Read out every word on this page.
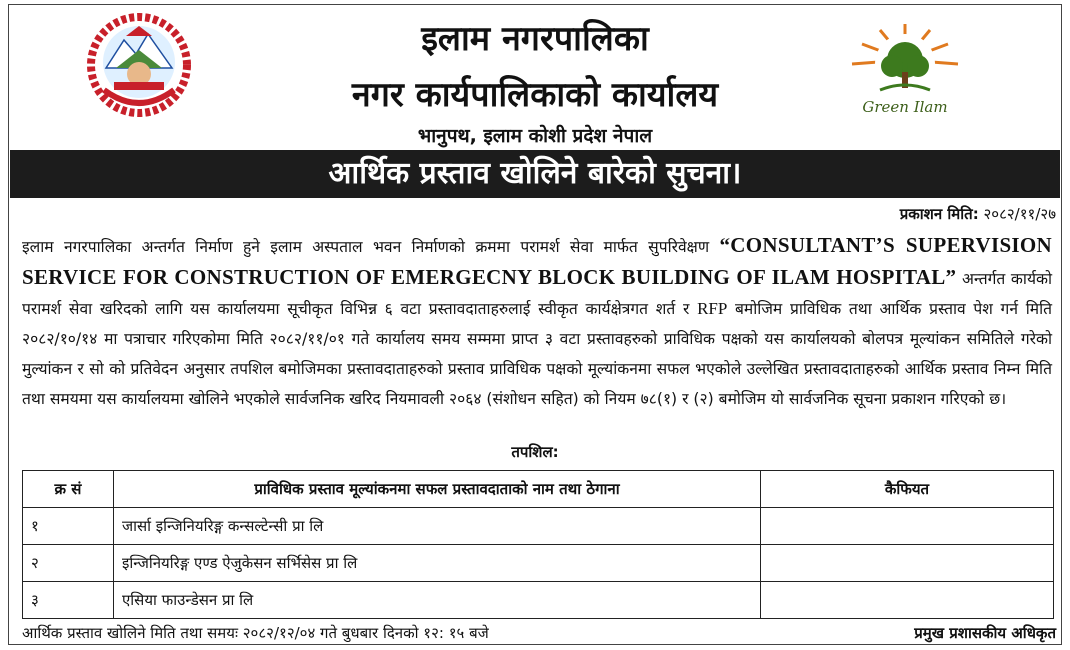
Green Ilam
इलाम नगरपालिका
नगर कार्यपालिकाको कार्यालय
भानुपथ, इलाम कोशी प्रदेश नेपाल
आर्थिक प्रस्ताव खोलिने बारेको सुचना।
प्रकाशन मिति: २०८२/११/२७
इलाम नगरपालिका अन्तर्गत निर्माण हुने इलाम अस्पताल भवन निर्माणको क्रममा परामर्श सेवा मार्फत सुपरिवेक्षण “CONSULTANT’S SUPERVISION SERVICE FOR CONSTRUCTION OF EMERGECNY BLOCK BUILDING OF ILAM HOSPITAL” अन्तर्गत कार्यको परामर्श सेवा खरिदको लागि यस कार्यालयमा सूचीकृत विभिन्न ६ वटा प्रस्तावदाताहरुलाई स्वीकृत कार्यक्षेत्रगत शर्त र RFP बमोजिम प्राविधिक तथा आर्थिक प्रस्ताव पेश गर्न मिति २०८२/१०/१४ मा पत्राचार गरिएकोमा मिति २०८२/११/०१ गते कार्यालय समय सम्ममा प्राप्त ३ वटा प्रस्तावहरुको प्राविधिक पक्षको यस कार्यालयको बोलपत्र मूल्यांकन समितिले गरेको मुल्यांकन र सो को प्रतिवेदन अनुसार तपशिल बमोजिमका प्रस्तावदाताहरुको प्रस्ताव प्राविधिक पक्षको मूल्यांकनमा सफल भएकोले उल्लेखित प्रस्तावदाताहरुको आर्थिक प्रस्ताव निम्न मिति तथा समयमा यस कार्यालयमा खोलिने भएकोले सार्वजनिक खरिद नियमावली २०६४ (संशोधन सहित) को नियम ७८(१) र (२) बमोजिम यो सार्वजनिक सूचना प्रकाशन गरिएको छ।
तपशिल:
क्र सं	प्राविधिक प्रस्ताव मूल्यांकनमा सफल प्रस्तावदाताको नाम तथा ठेगाना	कैफियत
१	जार्सा इन्जिनियरिङ्ग कन्सल्टेन्सी प्रा लि	
२	इन्जिनियरिङ्ग एण्ड ऐजुकेसन सर्भिसेस प्रा लि	
३	एसिया फाउन्डेसन प्रा लि	
आर्थिक प्रस्ताव खोलिने मिति तथा समयः २०८२/१२/०४ गते बुधबार दिनको १२: १५ बजे	प्रमुख प्रशासकीय अधिकृत
